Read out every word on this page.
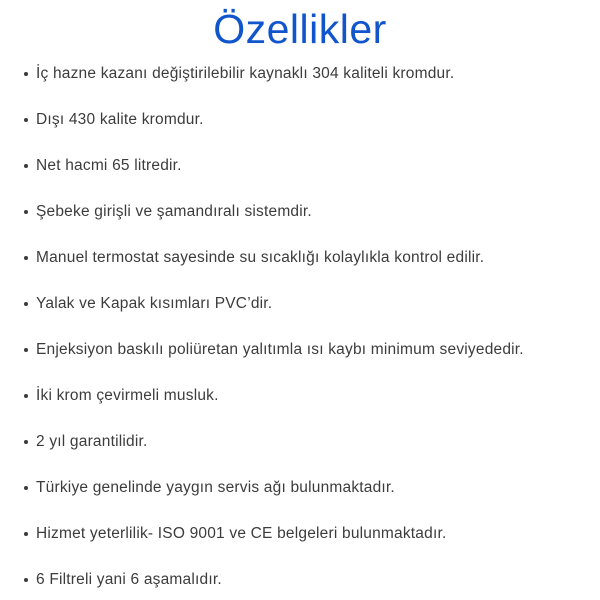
Özellikler
İç hazne kazanı değiştirilebilir kaynaklı 304 kaliteli kromdur.
Dışı 430 kalite kromdur.
Net hacmi 65 litredir.
Şebeke girişli ve şamandıralı sistemdir.
Manuel termostat sayesinde su sıcaklığı kolaylıkla kontrol edilir.
Yalak ve Kapak kısımları PVC’dir.
Enjeksiyon baskılı poliüretan yalıtımla ısı kaybı minimum seviyededir.
İki krom çevirmeli musluk.
2 yıl garantilidir.
Türkiye genelinde yaygın servis ağı bulunmaktadır.
Hizmet yeterlilik- ISO 9001 ve CE belgeleri bulunmaktadır.
6 Filtreli yani 6 aşamalıdır.
